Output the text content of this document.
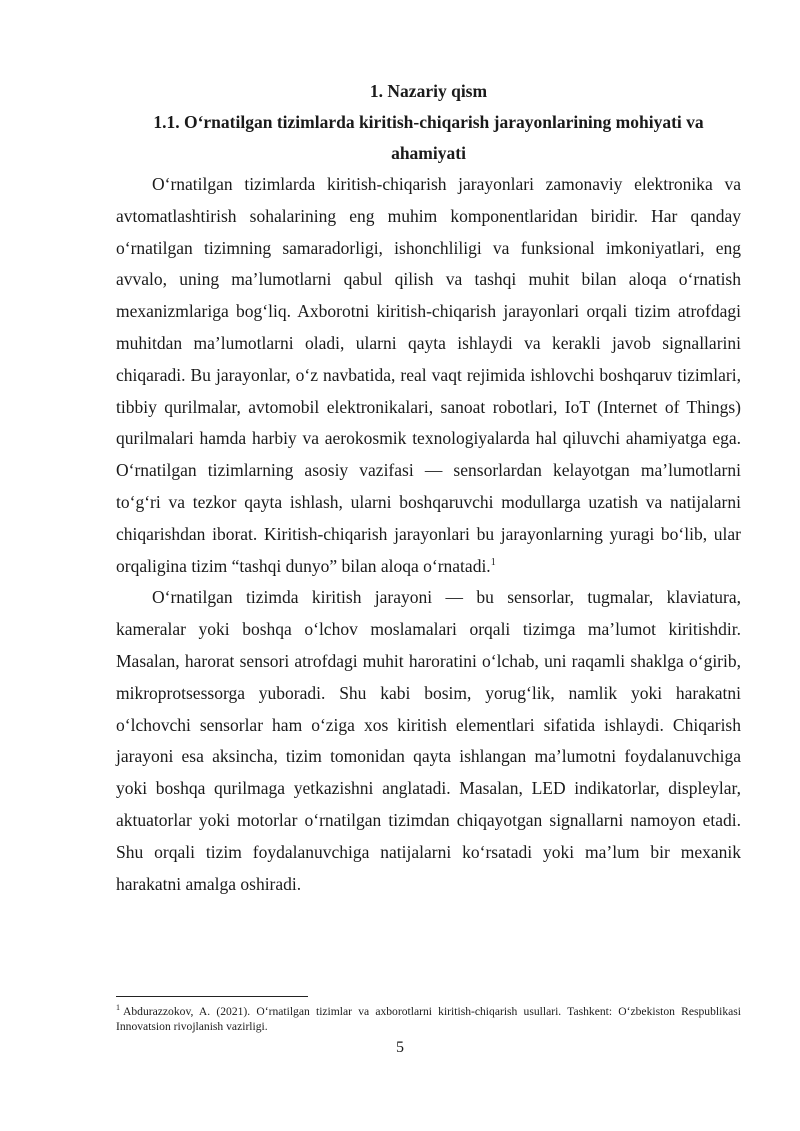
1. Nazariy qism

1.1. O‘rnatilgan tizimlarda kiritish-chiqarish jarayonlarining mohiyati va ahamiyati

O‘rnatilgan tizimlarda kiritish-chiqarish jarayonlari zamonaviy elektronika va avtomatlashtirish sohalarining eng muhim komponentlaridan biridir. Har qanday o‘rnatilgan tizimning samaradorligi, ishonchliligi va funksional imkoniyatlari, eng avvalo, uning ma’lumotlarni qabul qilish va tashqi muhit bilan aloqa o‘rnatish mexanizmlariga bog‘liq. Axborotni kiritish-chiqarish jarayonlari orqali tizim atrofdagi muhitdan ma’lumotlarni oladi, ularni qayta ishlaydi va kerakli javob signallarini chiqaradi. Bu jarayonlar, o‘z navbatida, real vaqt rejimida ishlovchi boshqaruv tizimlari, tibbiy qurilmalar, avtomobil elektronikalari, sanoat robotlari, IoT (Internet of Things) qurilmalari hamda harbiy va aerokosmik texnologiyalarda hal qiluvchi ahamiyatga ega. O‘rnatilgan tizimlarning asosiy vazifasi — sensorlardan kelayotgan ma’lumotlarni to‘g‘ri va tezkor qayta ishlash, ularni boshqaruvchi modullarga uzatish va natijalarni chiqarishdan iborat. Kiritish-chiqarish jarayonlari bu jarayonlarning yuragi bo‘lib, ular orqaligina tizim “tashqi dunyo” bilan aloqa o‘rnatadi.$^1$

O‘rnatilgan tizimda kiritish jarayoni — bu sensorlar, tugmalar, klaviatura, kameralar yoki boshqa o‘lchov moslamalari orqali tizimga ma’lumot kiritishdir. Masalan, harorat sensori atrofdagi muhit haroratini o‘lchab, uni raqamli shaklga o‘girib, mikroprotsessorga yuboradi. Shu kabi bosim, yorug‘lik, namlik yoki harakatni o‘lchovchi sensorlar ham o‘ziga xos kiritish elementlari sifatida ishlaydi. Chiqarish jarayoni esa aksincha, tizim tomonidan qayta ishlangan ma’lumotni foydalanuvchiga yoki boshqa qurilmaga yetkazishni anglatadi. Masalan, LED indikatorlar, displeylar, aktuatorlar yoki motorlar o‘rnatilgan tizimdan chiqayotgan signallarni namoyon etadi. Shu orqali tizim foydalanuvchiga natijalarni ko‘rsatadi yoki ma’lum bir mexanik harakatni amalga oshiradi.

$^1$ Abdurazzokov, A. (2021). O‘rnatilgan tizimlar va axborotlarni kiritish-chiqarish usullari. Tashkent: O‘zbekiston Respublikasi Innovatsion rivojlanish vazirligi.

5
